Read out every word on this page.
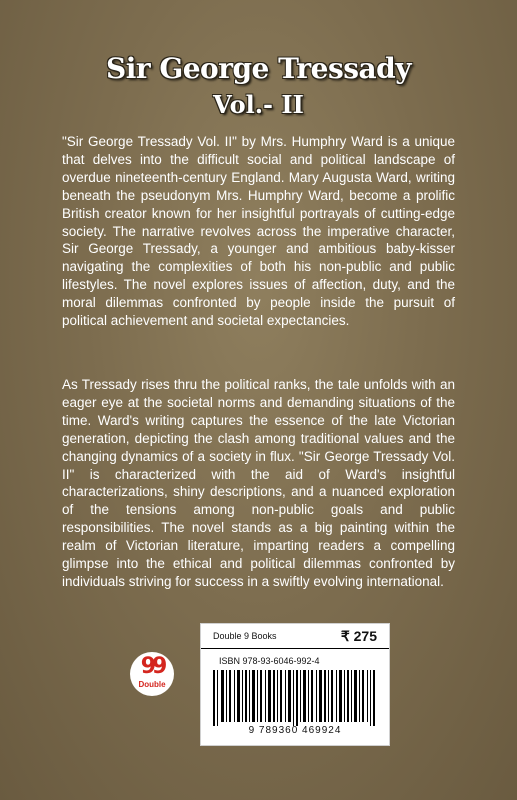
Sir George Tressady
Vol.- II

"Sir George Tressady Vol. II" by Mrs. Humphry Ward is a unique that delves into the difficult social and political landscape of overdue nineteenth-century England. Mary Augusta Ward, writing beneath the pseudonym Mrs. Humphry Ward, become a prolific British creator known for her insightful portrayals of cutting-edge society. The narrative revolves across the imperative character, Sir George Tressady, a younger and ambitious baby-kisser navigating the complexities of both his non-public and public lifestyles. The novel explores issues of affection, duty, and the moral dilemmas confronted by people inside the pursuit of political achievement and societal expectancies.

As Tressady rises thru the political ranks, the tale unfolds with an eager eye at the societal norms and demanding situations of the time. Ward's writing captures the essence of the late Victorian generation, depicting the clash among traditional values and the changing dynamics of a society in flux. "Sir George Tressady Vol. II" is characterized with the aid of Ward's insightful characterizations, shiny descriptions, and a nuanced exploration of the tensions among non-public goals and public responsibilities. The novel stands as a big painting within the realm of Victorian literature, imparting readers a compelling glimpse into the ethical and political dilemmas confronted by individuals striving for success in a swiftly evolving international.

99
Double
Double 9 Books	₹ 275
ISBN 978-93-6046-992-4
9 789360 469924
